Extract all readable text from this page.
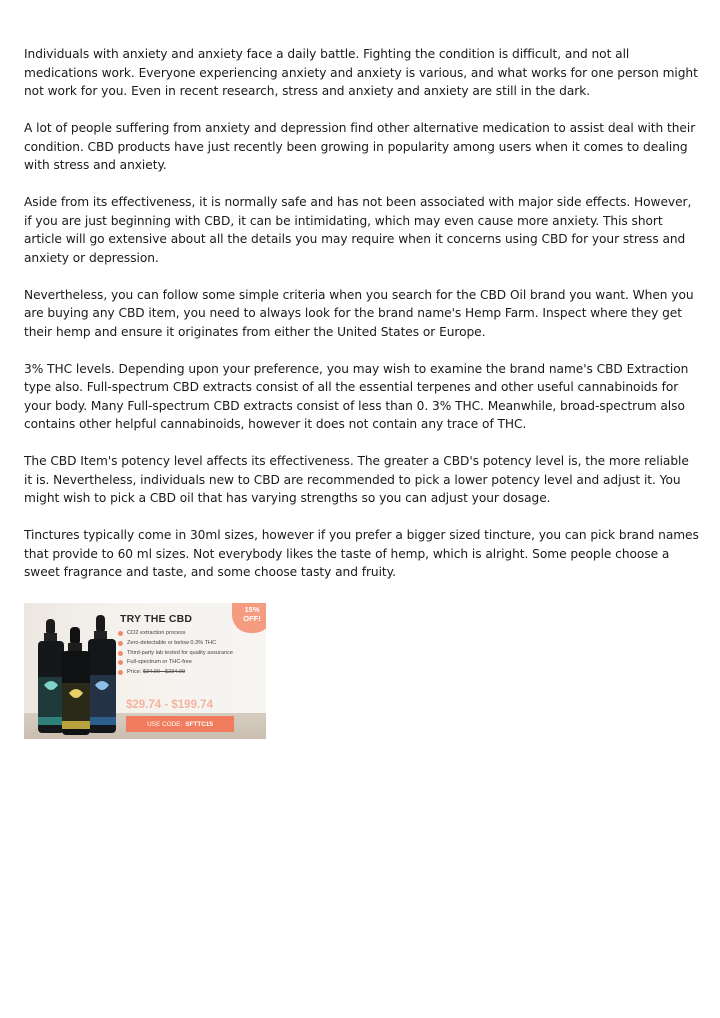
Individuals with anxiety and anxiety face a daily battle. Fighting the condition is difficult, and not all medications work. Everyone experiencing anxiety and anxiety is various, and what works for one person might not work for you. Even in recent research, stress and anxiety and anxiety are still in the dark.

A lot of people suffering from anxiety and depression find other alternative medication to assist deal with their condition. CBD products have just recently been growing in popularity among users when it comes to dealing with stress and anxiety.

Aside from its effectiveness, it is normally safe and has not been associated with major side effects. However, if you are just beginning with CBD, it can be intimidating, which may even cause more anxiety. This short article will go extensive about all the details you may require when it concerns using CBD for your stress and anxiety or depression.

Nevertheless, you can follow some simple criteria when you search for the CBD Oil brand you want. When you are buying any CBD item, you need to always look for the brand name's Hemp Farm. Inspect where they get their hemp and ensure it originates from either the United States or Europe.

3% THC levels. Depending upon your preference, you may wish to examine the brand name's CBD Extraction type also. Full-spectrum CBD extracts consist of all the essential terpenes and other useful cannabinoids for your body. Many Full-spectrum CBD extracts consist of less than 0. 3% THC. Meanwhile, broad-spectrum also contains other helpful cannabinoids, however it does not contain any trace of THC.

The CBD Item's potency level affects its effectiveness. The greater a CBD's potency level is, the more reliable it is. Nevertheless, individuals new to CBD are recommended to pick a lower potency level and adjust it. You might wish to pick a CBD oil that has varying strengths so you can adjust your dosage.

Tinctures typically come in 30ml sizes, however if you prefer a bigger sized tincture, you can pick brand names that provide to 60 ml sizes. Not everybody likes the taste of hemp, which is alright. Some people choose a sweet fragrance and taste, and some choose tasty and fruity.

TRY THE CBD
CO2 extraction process
Zero-detectable or below 0.3% THC
Third-party lab tested for quality assurance
Full-spectrum or THC-free
Price: $34.99 - $234.99
$29.74 - $199.74
USE CODE: SFTTC15
15%
OFF!
